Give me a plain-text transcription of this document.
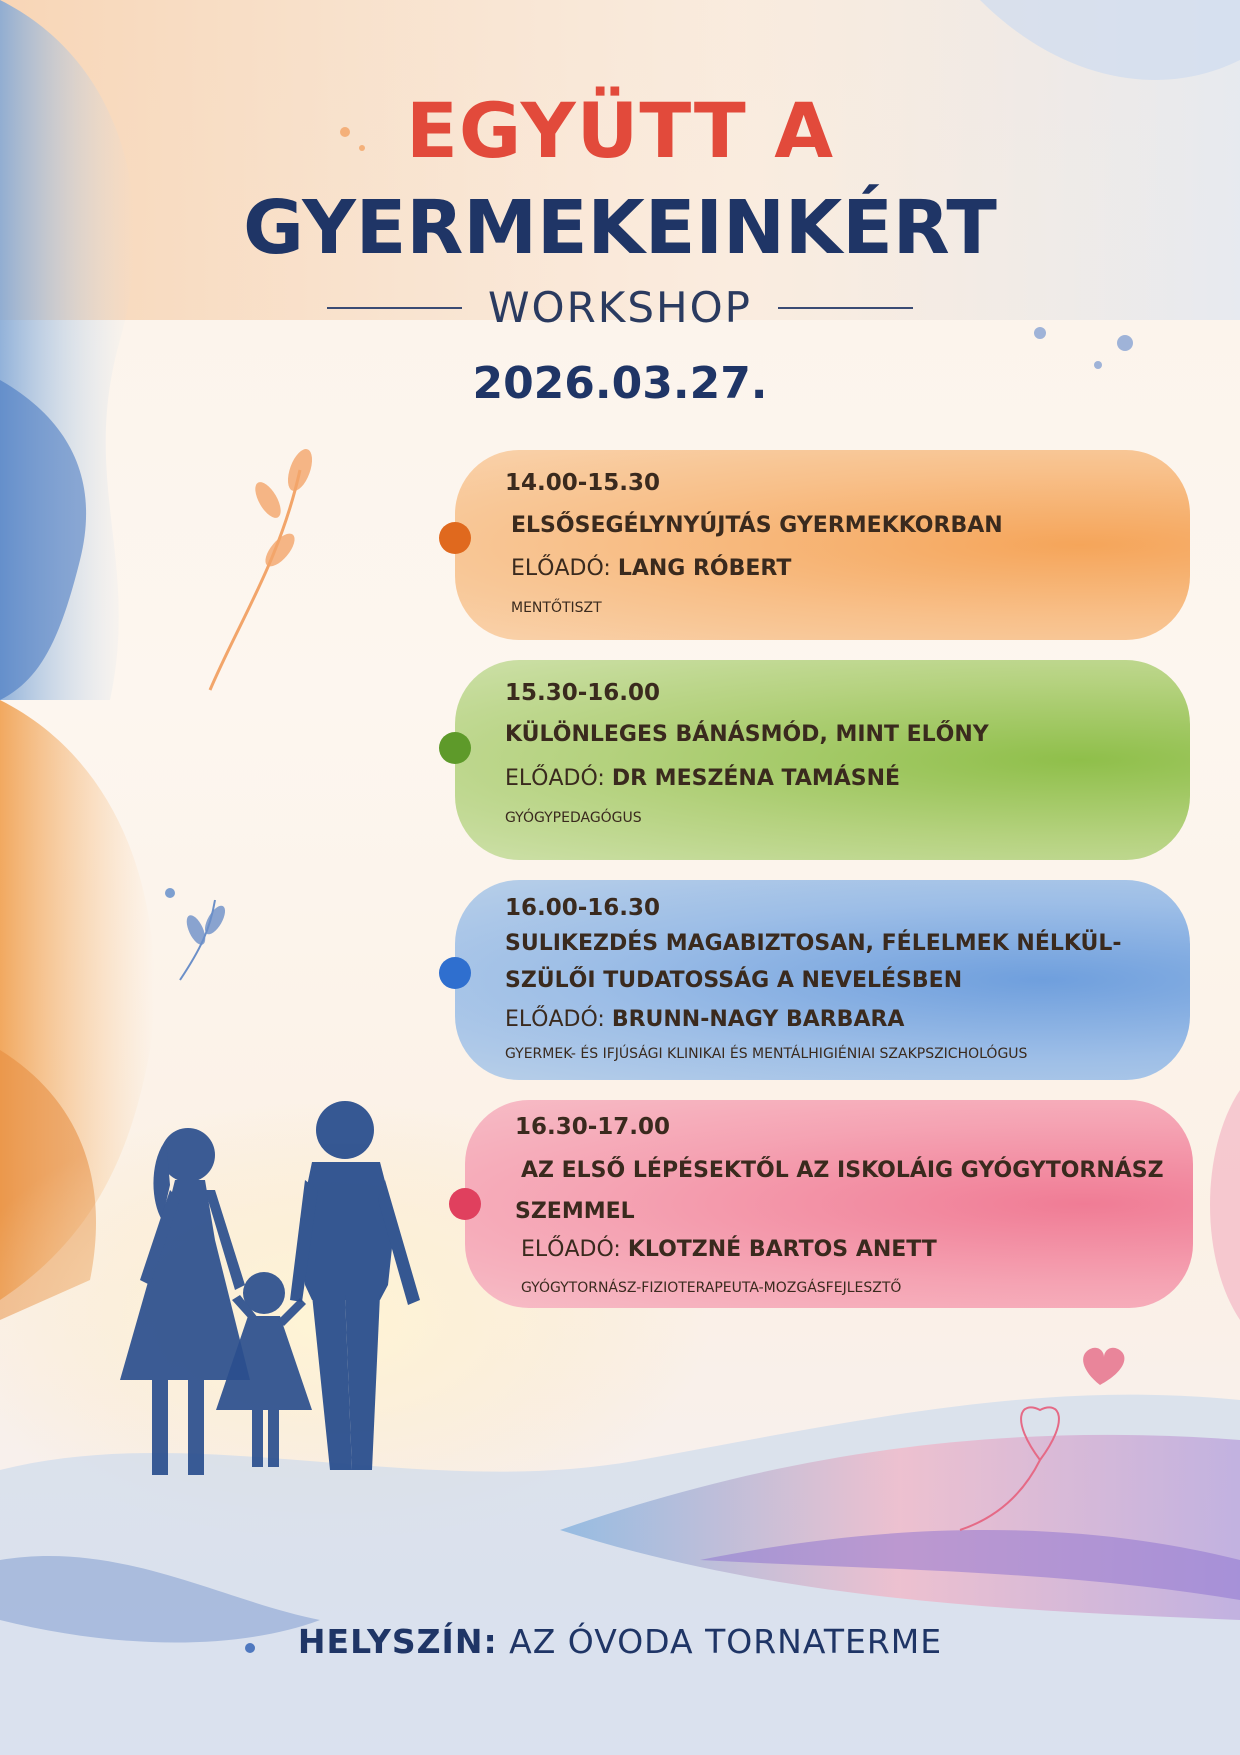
EGYÜTT A
GYERMEKEINKÉRT
WORKSHOP
2026.03.27.
14.00-15.30
ELSŐSEGÉLYNYÚJTÁS GYERMEKKORBAN
ELŐADÓ: LANG RÓBERT
MENTŐTISZT
15.30-16.00
KÜLÖNLEGES BÁNÁSMÓD, MINT ELŐNY
ELŐADÓ: DR MESZÉNA TAMÁSNÉ
GYÓGYPEDAGÓGUS
16.00-16.30
SULIKEZDÉS MAGABIZTOSAN, FÉLELMEK NÉLKÜL-
SZÜLŐI TUDATOSSÁG A NEVELÉSBEN
ELŐADÓ: BRUNN-NAGY BARBARA
GYERMEK- ÉS IFJÚSÁGI KLINIKAI ÉS MENTÁLHIGIÉNIAI SZAKPSZICHOLÓGUS
16.30-17.00
AZ ELSŐ LÉPÉSEKTŐL AZ ISKOLÁIG GYÓGYTORNÁSZ
SZEMMEL
ELŐADÓ: KLOTZNÉ BARTOS ANETT
GYÓGYTORNÁSZ-FIZIOTERAPEUTA-MOZGÁSFEJLESZTŐ
HELYSZÍN: AZ ÓVODA TORNATERME
